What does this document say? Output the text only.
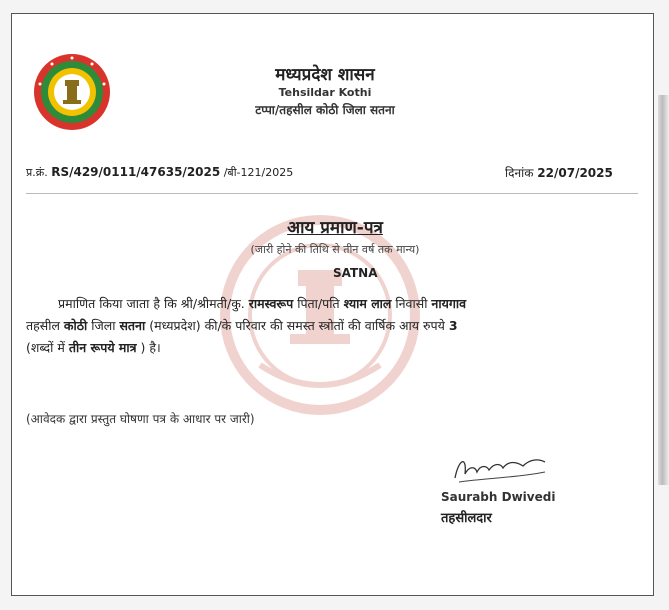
मध्यप्रदेश शासन
Tehsildar Kothi
टप्पा/तहसील कोठी जिला सतना
प्र.क्रं. RS/429/0111/47635/2025 /बी-121/2025	दिनांक 22/07/2025
आय प्रमाण-पत्र
(जारी होने की तिथि से तीन वर्ष तक मान्य)
SATNA
प्रमाणित किया जाता है कि श्री/श्रीमती/कु. रामस्वरूप पिता/पति श्याम लाल निवासी नायगाव
तहसील कोठी जिला सतना (मध्यप्रदेश) की/के परिवार की समस्त स्त्रोतों की वार्षिक आय रुपये 3
(शब्दों में तीन रूपये मात्र ) है।
(आवेदक द्वारा प्रस्तुत घोषणा पत्र के आधार पर जारी)
Saurabh Dwivedi
तहसीलदार
